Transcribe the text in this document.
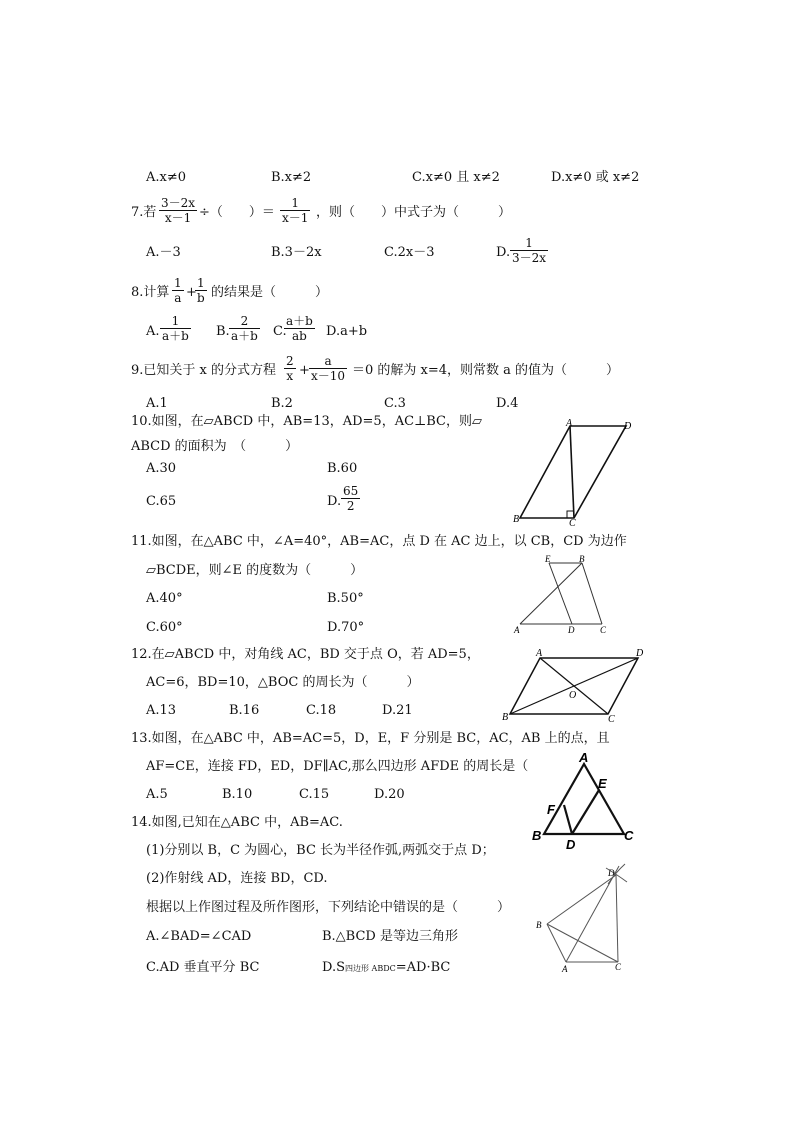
A.x≠0	B.x≠2	C.x≠0 且 x≠2	D.x≠0 或 x≠2
7.若 $\frac{3-2x}{x-1}$ ÷（　　）＝ $\frac{1}{x-1}$ ，则（　　）中式子为（　　　）
A.－3	B.3－2x	C.2x－3	D. $\frac{1}{3-2x}$
8.计算 $\frac{1}{a}$ +
$\frac{1}{b}$ 的结果是（　　　）
A. $\frac{1}{a+b} B$. $\frac{2}{a+b} C$.
$\frac{a+b}{ab} D.a+b$
9.已知关于 x 的分式方程 $\frac{2}{x} + \frac{a}{x-10} =0$ 的解为 x=4，则常数 a 的值为（　　　）
A.1	B.2	C.3	D.4
10.如图，在▱ABCD 中，AB=13，AD=5，AC⊥BC，则▱
ABCD 的面积为　（　　　）
A.30	B.60
C.65	D. $\frac{65}{2}$
A	D
B	C
11.如图，在△ABC 中，∠A=40°，AB=AC，点 D 在 AC 边上，以 CB，CD 为边作
▱BCDE，则∠E 的度数为（　　　）
A.40°	B.50°
C.60°	D.70°
E	B
A	D	C
12.在▱ABCD 中，对角线 AC，BD 交于点 O，若 AD=5，
AC=6，BD=10，△BOC 的周长为（　　　）
A.13	B.16	C.18	D.21
A	D
B	C
O
13.如图，在△ABC 中，AB=AC=5，D，E，F 分别是 BC，AC，AB 上的点，且
AF=CE，连接 FD，ED，DF∥AC,那么四边形 AFDE 的周长是（
A.5	B.10	C.15	D.20
A
E
F
B
D
C
14.如图,已知在△ABC 中，AB=AC.
(1)分别以 B，C 为圆心，BC 长为半径作弧,两弧交于点 D；
(2)作射线 AD，连接 BD，CD.
根据以上作图过程及所作图形，下列结论中错误的是（　　　）
A.∠BAD=∠CAD	B.△BCD 是等边三角形
C.AD 垂直平分 BC	D.S四边形 ABDC=AD·BC
D
B
A	C
